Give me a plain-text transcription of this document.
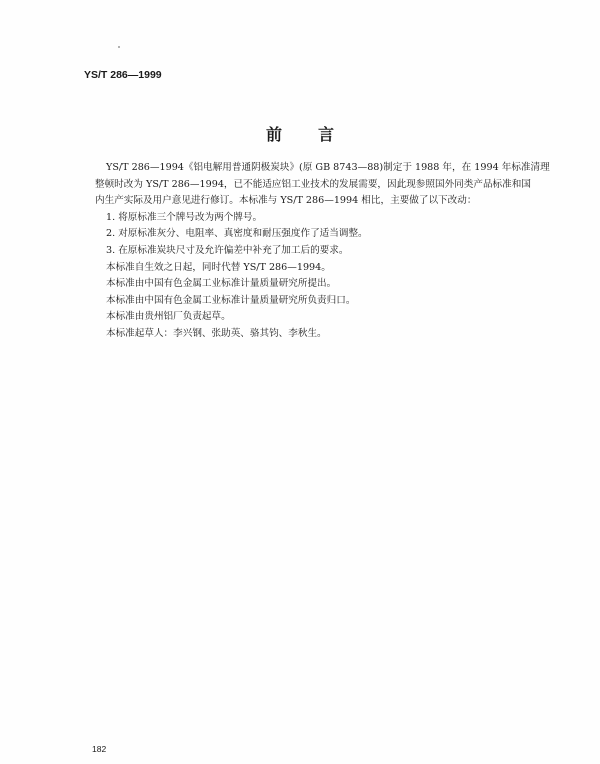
YS/T 286—1999
前言
YS/T 286—1994《铝电解用普通阴极炭块》(原 GB 8743—88)制定于 1988 年，在 1994 年标准清理
整顿时改为 YS/T 286—1994，已不能适应铝工业技术的发展需要，因此现参照国外同类产品标准和国
内生产实际及用户意见进行修订。本标准与 YS/T 286—1994 相比，主要做了以下改动：
1. 将原标准三个牌号改为两个牌号。
2. 对原标准灰分、电阻率、真密度和耐压强度作了适当调整。
3. 在原标准炭块尺寸及允许偏差中补充了加工后的要求。
本标准自生效之日起，同时代替 YS/T 286—1994。
本标准由中国有色金属工业标准计量质量研究所提出。
本标准由中国有色金属工业标准计量质量研究所负责归口。
本标准由贵州铝厂负责起草。
本标准起草人：李兴钢、张助英、骆其钧、李秋生。
182
